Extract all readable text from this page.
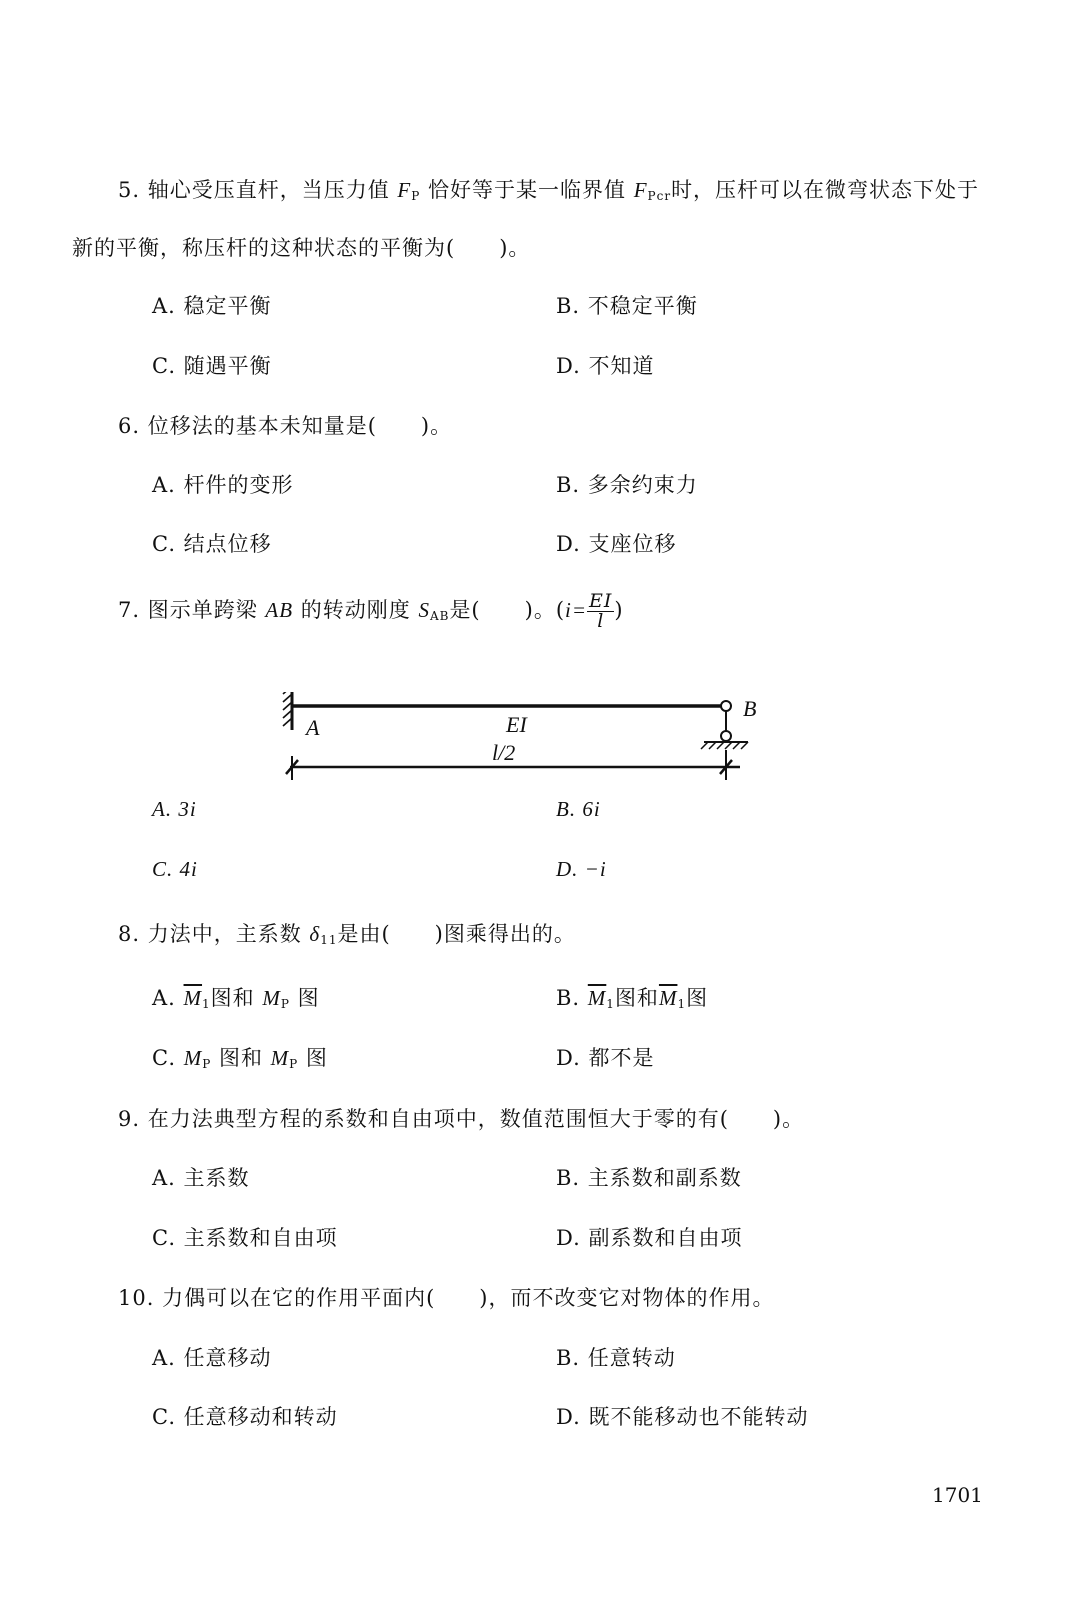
5. 轴心受压直杆，当压力值 $F_P$ 恰好等于某一临界值 $F_{Pcr}$时，压杆可以在微弯状态下处于
新的平衡，称压杆的这种状态的平衡为(　　)。
A. 稳定平衡	B. 不稳定平衡
C. 随遇平衡	D. 不知道
6. 位移法的基本未知量是(　　)。
A. 杆件的变形	B. 多余约束力
C. 结点位移	D. 支座位移
7. 图示单跨梁 AB 的转动刚度 $S_{AB}$是(　　)。($i= \frac{EI}{l}$ )
A
B
EI
l/2
A. 3i	B. 6i
C. 4i	D. −i
8. 力法中，主系数 $\delta_{11}$是由(　　)图乘得出的。
A. $\overline{M}_1$图和 $M_P$ 图	B. $\overline{M}_1$图和$\overline{M}_1$图
C. $M_P$ 图和 $M_P$ 图	D. 都不是
9. 在力法典型方程的系数和自由项中，数值范围恒大于零的有(　　)。
A. 主系数	B. 主系数和副系数
C. 主系数和自由项	D. 副系数和自由项
10. 力偶可以在它的作用平面内(　　)，而不改变它对物体的作用。
A. 任意移动	B. 任意转动
C. 任意移动和转动	D. 既不能移动也不能转动
1701
